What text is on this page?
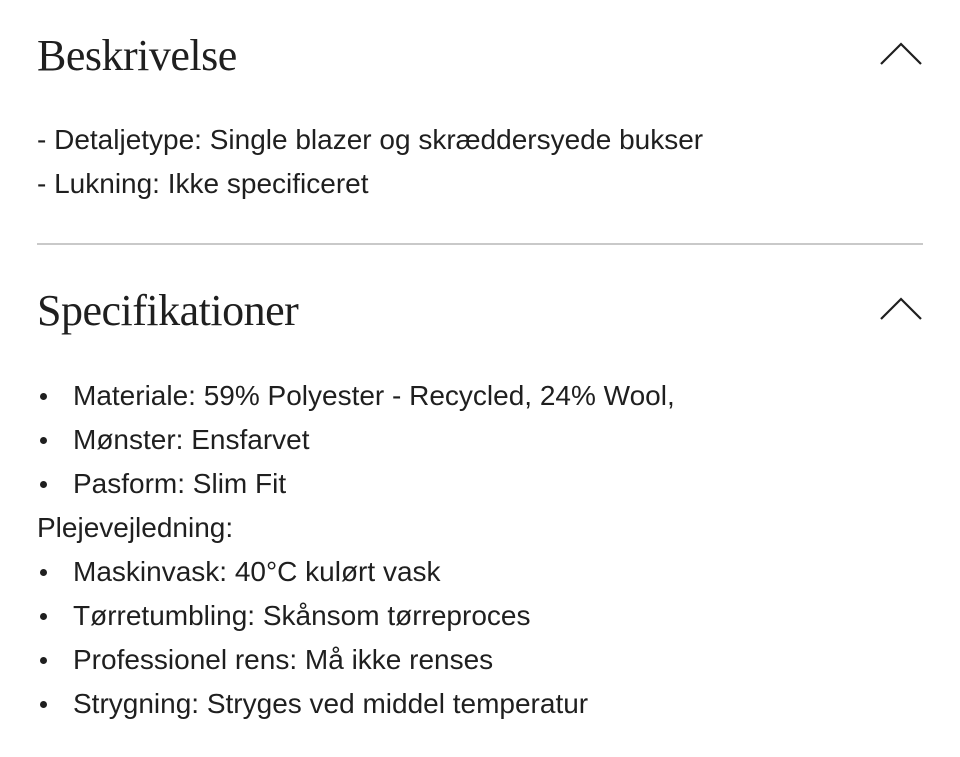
Beskrivelse
- Detaljetype: Single blazer og skræddersyede bukser
- Lukning: Ikke specificeret
Specifikationer
Materiale: 59% Polyester - Recycled, 24% Wool,
Mønster: Ensfarvet
Pasform: Slim Fit
Plejevejledning:
Maskinvask: 40°C kulørt vask
Tørretumbling: Skånsom tørreproces
Professionel rens: Må ikke renses
Strygning: Stryges ved middel temperatur
